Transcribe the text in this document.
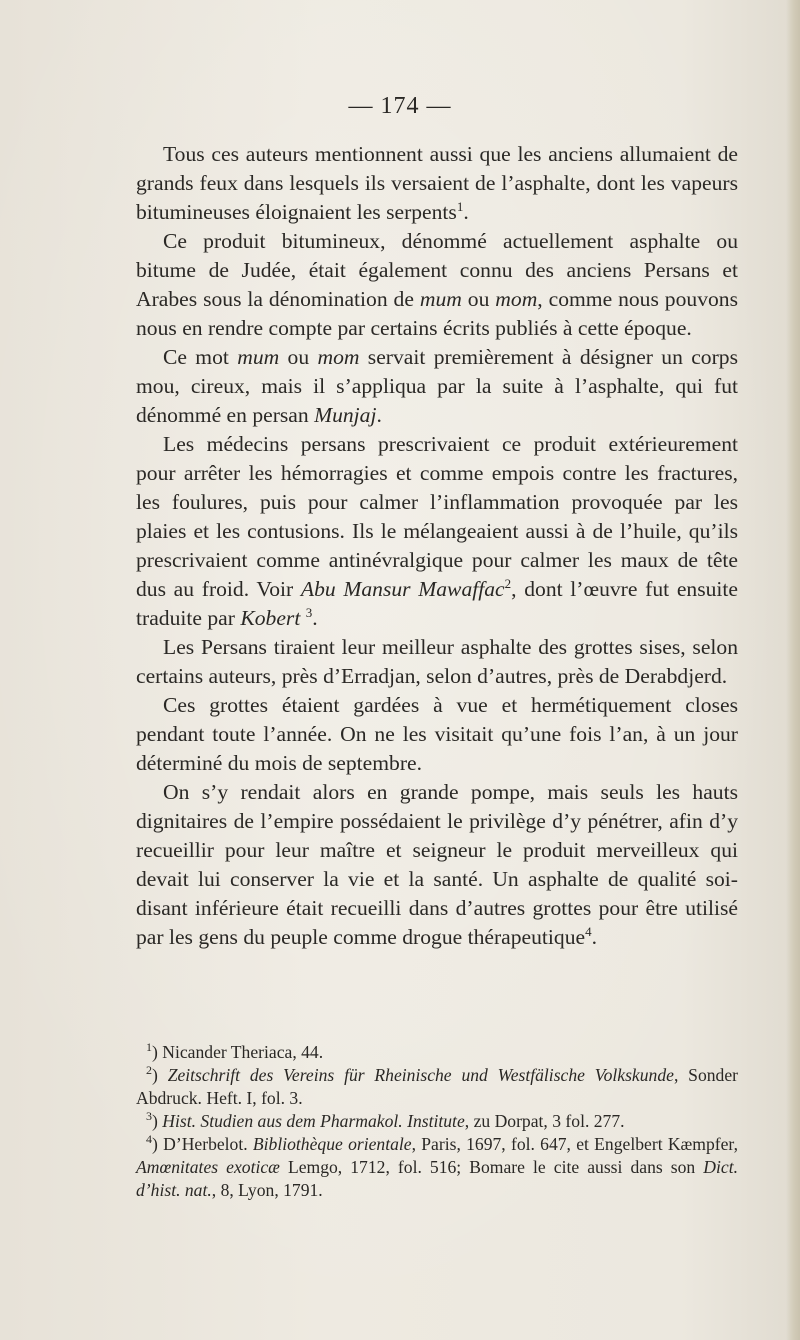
— 174 —

Tous ces auteurs mentionnent aussi que les anciens allumaient de grands feux dans lesquels ils versaient de l’asphalte, dont les vapeurs bitumineuses éloignaient les serpents$^1$.

Ce produit bitumineux, dénommé actuellement asphalte ou bitume de Judée, était également connu des anciens Persans et Arabes sous la dénomination de mum ou mom, comme nous pouvons nous en rendre compte par certains écrits publiés à cette époque.

Ce mot mum ou mom servait premièrement à désigner un corps mou, cireux, mais il s’appliqua par la suite à l’asphalte, qui fut dénommé en persan Munjaj.

Les médecins persans prescrivaient ce produit extérieurement pour arrêter les hémorragies et comme empois contre les fractures, les foulures, puis pour calmer l’inflammation provoquée par les plaies et les contusions. Ils le mélangeaient aussi à de l’huile, qu’ils prescrivaient comme antinévralgique pour calmer les maux de tête dus au froid. Voir Abu Mansur Mawaffac$^2$, dont l’œuvre fut ensuite traduite par Kobert $^3$.

Les Persans tiraient leur meilleur asphalte des grottes sises, selon certains auteurs, près d’Erradjan, selon d’autres, près de Derabdjerd.

Ces grottes étaient gardées à vue et hermétiquement closes pendant toute l’année. On ne les visitait qu’une fois l’an, à un jour déterminé du mois de septembre.

On s’y rendait alors en grande pompe, mais seuls les hauts dignitaires de l’empire possédaient le privilège d’y pénétrer, afin d’y recueillir pour leur maître et seigneur le produit merveilleux qui devait lui conserver la vie et la santé. Un asphalte de qualité soi-disant inférieure était recueilli dans d’autres grottes pour être utilisé par les gens du peuple comme drogue thérapeutique$^4$.

$^1$) Nicander Theriaca, 44.

$^2$) Zeitschrift des Vereins für Rheinische und Westfälische Volkskunde, Sonder Abdruck. Heft. I, fol. 3.

$^3$) Hist. Studien aus dem Pharmakol. Institute, zu Dorpat, 3 fol. 277.

$^4$) D’Herbelot. Bibliothèque orientale, Paris, 1697, fol. 647, et Engelbert Kæmpfer, Amœnitates exoticæ Lemgo, 1712, fol. 516; Bomare le cite aussi dans son Dict. d’hist. nat., 8, Lyon, 1791.
